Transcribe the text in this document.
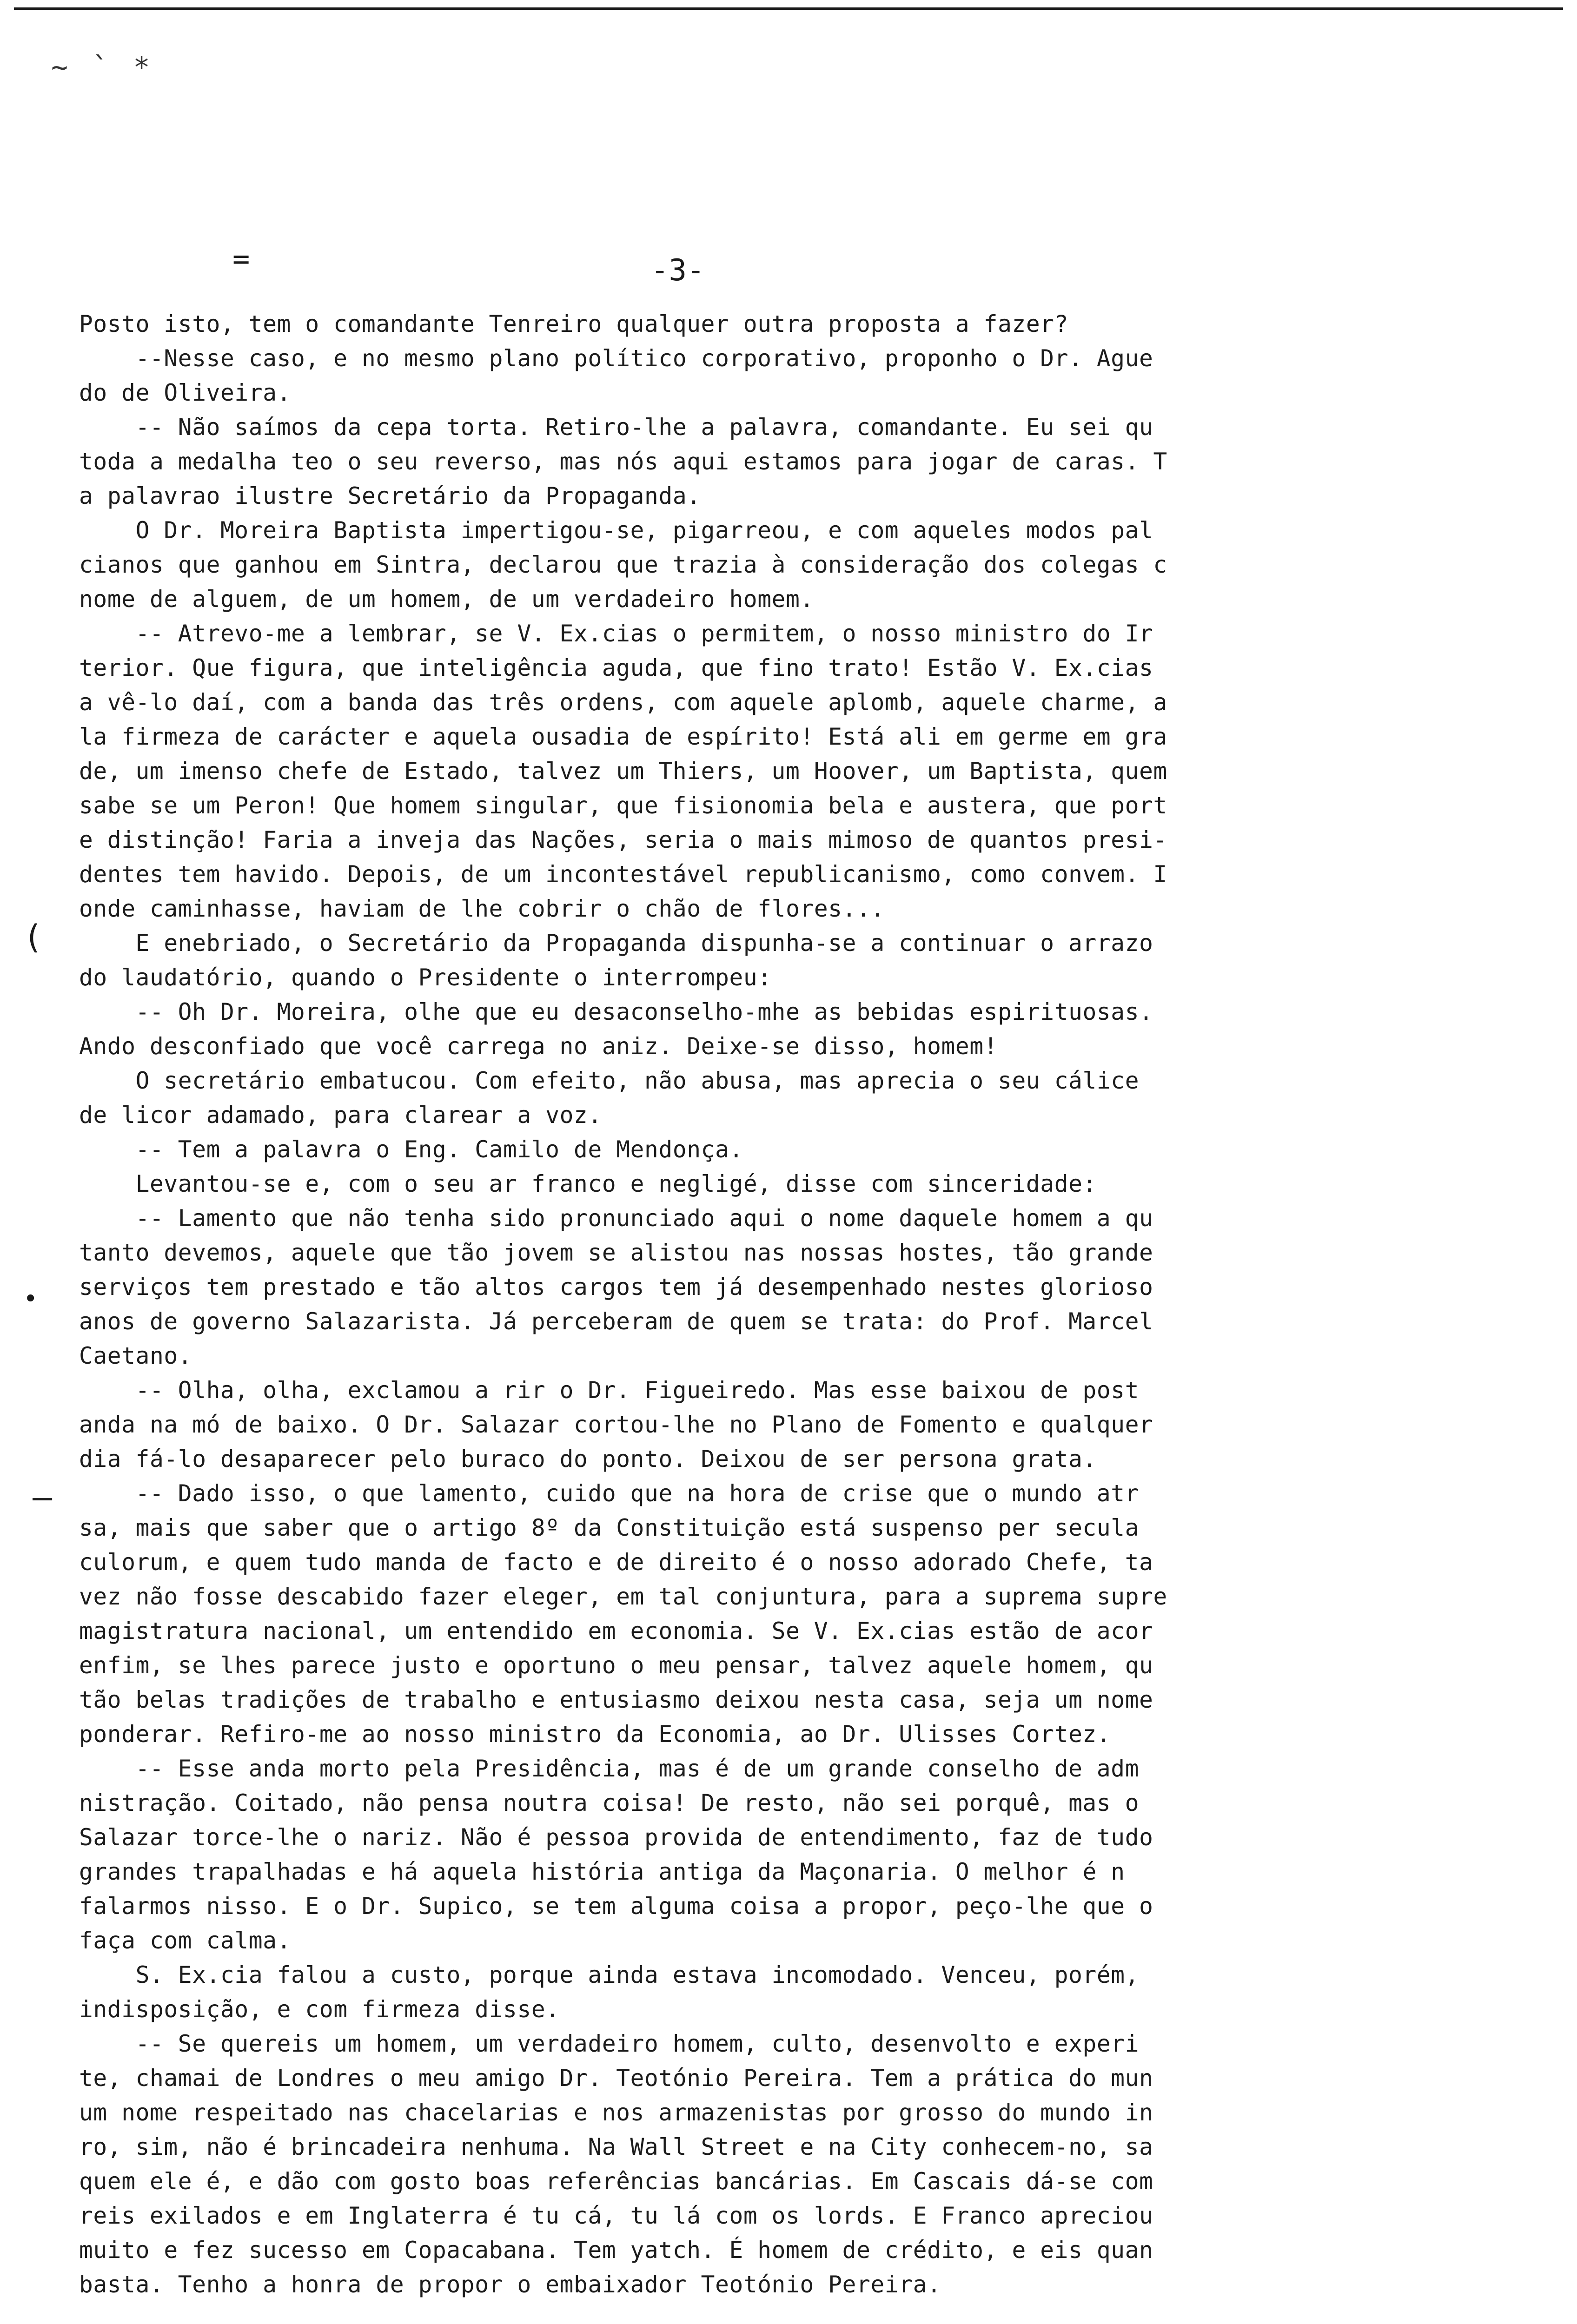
~ ` *
=	-3-
(
•
—
Posto isto, tem o comandante Tenreiro qualquer outra proposta a fazer?
--Nesse caso, e no mesmo plano político corporativo, proponho o Dr. Ague
do de Oliveira.
-- Não saímos da cepa torta. Retiro-lhe a palavra, comandante. Eu sei qu
toda a medalha teo o seu reverso, mas nós aqui estamos para jogar de caras. T
a palavrao ilustre Secretário da Propaganda.
O Dr. Moreira Baptista impertigou-se, pigarreou, e com aqueles modos pal
cianos que ganhou em Sintra, declarou que trazia à consideração dos colegas c
nome de alguem, de um homem, de um verdadeiro homem.
-- Atrevo-me a lembrar, se V. Ex.cias o permitem, o nosso ministro do Ir
terior. Que figura, que inteligência aguda, que fino trato! Estão V. Ex.cias
a vê-lo daí, com a banda das três ordens, com aquele aplomb, aquele charme, a
la firmeza de carácter e aquela ousadia de espírito! Está ali em germe em gra
de, um imenso chefe de Estado, talvez um Thiers, um Hoover, um Baptista, quem
sabe se um Peron! Que homem singular, que fisionomia bela e austera, que port
e distinção! Faria a inveja das Nações, seria o mais mimoso de quantos presi-
dentes tem havido. Depois, de um incontestável republicanismo, como convem. I
onde caminhasse, haviam de lhe cobrir o chão de flores...
E enebriado, o Secretário da Propaganda dispunha-se a continuar o arrazo
do laudatório, quando o Presidente o interrompeu:
-- Oh Dr. Moreira, olhe que eu desaconselho-mhe as bebidas espirituosas.
Ando desconfiado que você carrega no aniz. Deixe-se disso, homem!
O secretário embatucou. Com efeito, não abusa, mas aprecia o seu cálice
de licor adamado, para clarear a voz.
-- Tem a palavra o Eng. Camilo de Mendonça.
Levantou-se e, com o seu ar franco e negligé, disse com sinceridade:
-- Lamento que não tenha sido pronunciado aqui o nome daquele homem a qu
tanto devemos, aquele que tão jovem se alistou nas nossas hostes, tão grande
serviços tem prestado e tão altos cargos tem já desempenhado nestes glorioso
anos de governo Salazarista. Já perceberam de quem se trata: do Prof. Marcel
Caetano.
-- Olha, olha, exclamou a rir o Dr. Figueiredo. Mas esse baixou de post
anda na mó de baixo. O Dr. Salazar cortou-lhe no Plano de Fomento e qualquer
dia fá-lo desaparecer pelo buraco do ponto. Deixou de ser persona grata.
-- Dado isso, o que lamento, cuido que na hora de crise que o mundo atr
sa, mais que saber que o artigo 8º da Constituição está suspenso per secula
culorum, e quem tudo manda de facto e de direito é o nosso adorado Chefe, ta
vez não fosse descabido fazer eleger, em tal conjuntura, para a suprema supre
magistratura nacional, um entendido em economia. Se V. Ex.cias estão de acor
enfim, se lhes parece justo e oportuno o meu pensar, talvez aquele homem, qu
tão belas tradições de trabalho e entusiasmo deixou nesta casa, seja um nome
ponderar. Refiro-me ao nosso ministro da Economia, ao Dr. Ulisses Cortez.
-- Esse anda morto pela Presidência, mas é de um grande conselho de adm
nistração. Coitado, não pensa noutra coisa! De resto, não sei porquê, mas o
Salazar torce-lhe o nariz. Não é pessoa provida de entendimento, faz de tudo
grandes trapalhadas e há aquela história antiga da Maçonaria. O melhor é n
falarmos nisso. E o Dr. Supico, se tem alguma coisa a propor, peço-lhe que o
faça com calma.
S. Ex.cia falou a custo, porque ainda estava incomodado. Venceu, porém,
indisposição, e com firmeza disse.
-- Se quereis um homem, um verdadeiro homem, culto, desenvolto e experi
te, chamai de Londres o meu amigo Dr. Teotónio Pereira. Tem a prática do mun
um nome respeitado nas chacelarias e nos armazenistas por grosso do mundo in
ro, sim, não é brincadeira nenhuma. Na Wall Street e na City conhecem-no, sa
quem ele é, e dão com gosto boas referências bancárias. Em Cascais dá-se com
reis exilados e em Inglaterra é tu cá, tu lá com os lords. E Franco apreciou
muito e fez sucesso em Copacabana. Tem yatch. É homem de crédito, e eis quan
basta. Tenho a honra de propor o embaixador Teotónio Pereira.
